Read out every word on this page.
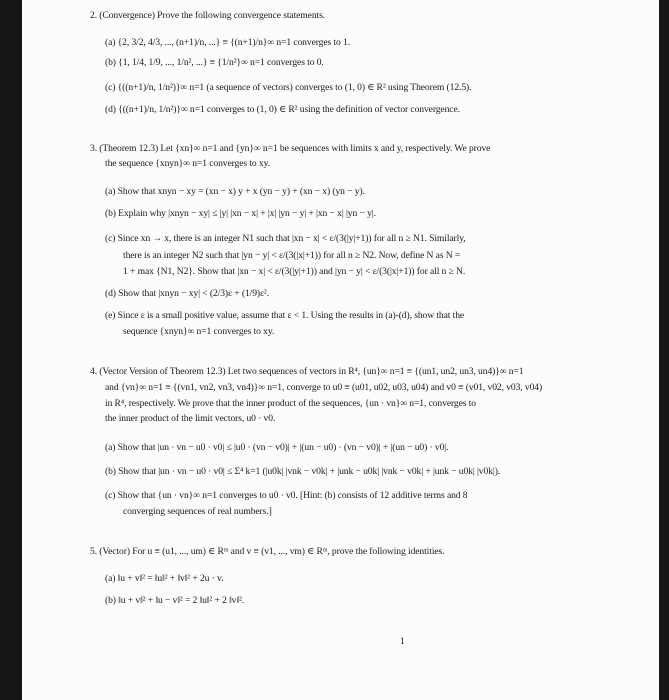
2. (Convergence) Prove the following convergence statements.
(a) {2, 3/2, 4/3, ..., (n+1)/n, ...} ≡ {(n+1)/n}∞ n=1 converges to 1.
(b) {1, 1/4, 1/9, ..., 1/n², ...} ≡ {1/n²}∞ n=1 converges to 0.
(c) {((n+1)/n, 1/n²)}∞ n=1 (a sequence of vectors) converges to (1, 0) ∈ R² using Theorem (12.5).
(d) {((n+1)/n, 1/n²)}∞ n=1 converges to (1, 0) ∈ R² using the definition of vector convergence.
3. (Theorem 12.3) Let {xn}∞ n=1 and {yn}∞ n=1 be sequences with limits x and y, respectively. We prove
the sequence {xnyn}∞ n=1 converges to xy.
(a) Show that xnyn − xy = (xn − x) y + x (yn − y) + (xn − x) (yn − y).
(b) Explain why |xnyn − xy| ≤ |y| |xn − x| + |x| |yn − y| + |xn − x| |yn − y|.
(c) Since xn → x, there is an integer N1 such that |xn − x| < ε/(3(|y|+1)) for all n ≥ N1. Similarly,
there is an integer N2 such that |yn − y| < ε/(3(|x|+1)) for all n ≥ N2. Now, define N as N =
1 + max {N1, N2}. Show that |xn − x| < ε/(3(|y|+1)) and |yn − y| < ε/(3(|x|+1)) for all n ≥ N.
(d) Show that |xnyn − xy| < (2/3)ε + (1/9)ε².
(e) Since ε is a small positive value, assume that ε < 1. Using the results in (a)-(d), show that the
sequence {xnyn}∞ n=1 converges to xy.
4. (Vector Version of Theorem 12.3) Let two sequences of vectors in R⁴, {un}∞ n=1 ≡ {(un1, un2, un3, un4)}∞ n=1
and {vn}∞ n=1 ≡ {(vn1, vn2, vn3, vn4)}∞ n=1, converge to u0 ≡ (u01, u02, u03, u04) and v0 ≡ (v01, v02, v03, v04)
in R⁴, respectively. We prove that the inner product of the sequences, {un · vn}∞ n=1, converges to
the inner product of the limit vectors, u0 · v0.
(a) Show that |un · vn − u0 · v0| ≤ |u0 · (vn − v0)| + |(un − u0) · (vn − v0)| + |(un − u0) · v0|.
(b) Show that |un · vn − u0 · v0| ≤ Σ⁴ k=1 (|u0k| |vnk − v0k| + |unk − u0k| |vnk − v0k| + |unk − u0k| |v0k|).
(c) Show that {un · vn}∞ n=1 converges to u0 · v0. [Hint: (b) consists of 12 additive terms and 8
converging sequences of real numbers.]
5. (Vector) For u ≡ (u1, ..., um) ∈ Rᵐ and v ≡ (v1, ..., vm) ∈ Rᵐ, prove the following identities.
(a) ‖u + v‖² = ‖u‖² + ‖v‖² + 2u · v.
(b) ‖u + v‖² + ‖u − v‖² = 2 ‖u‖² + 2 ‖v‖².
1
